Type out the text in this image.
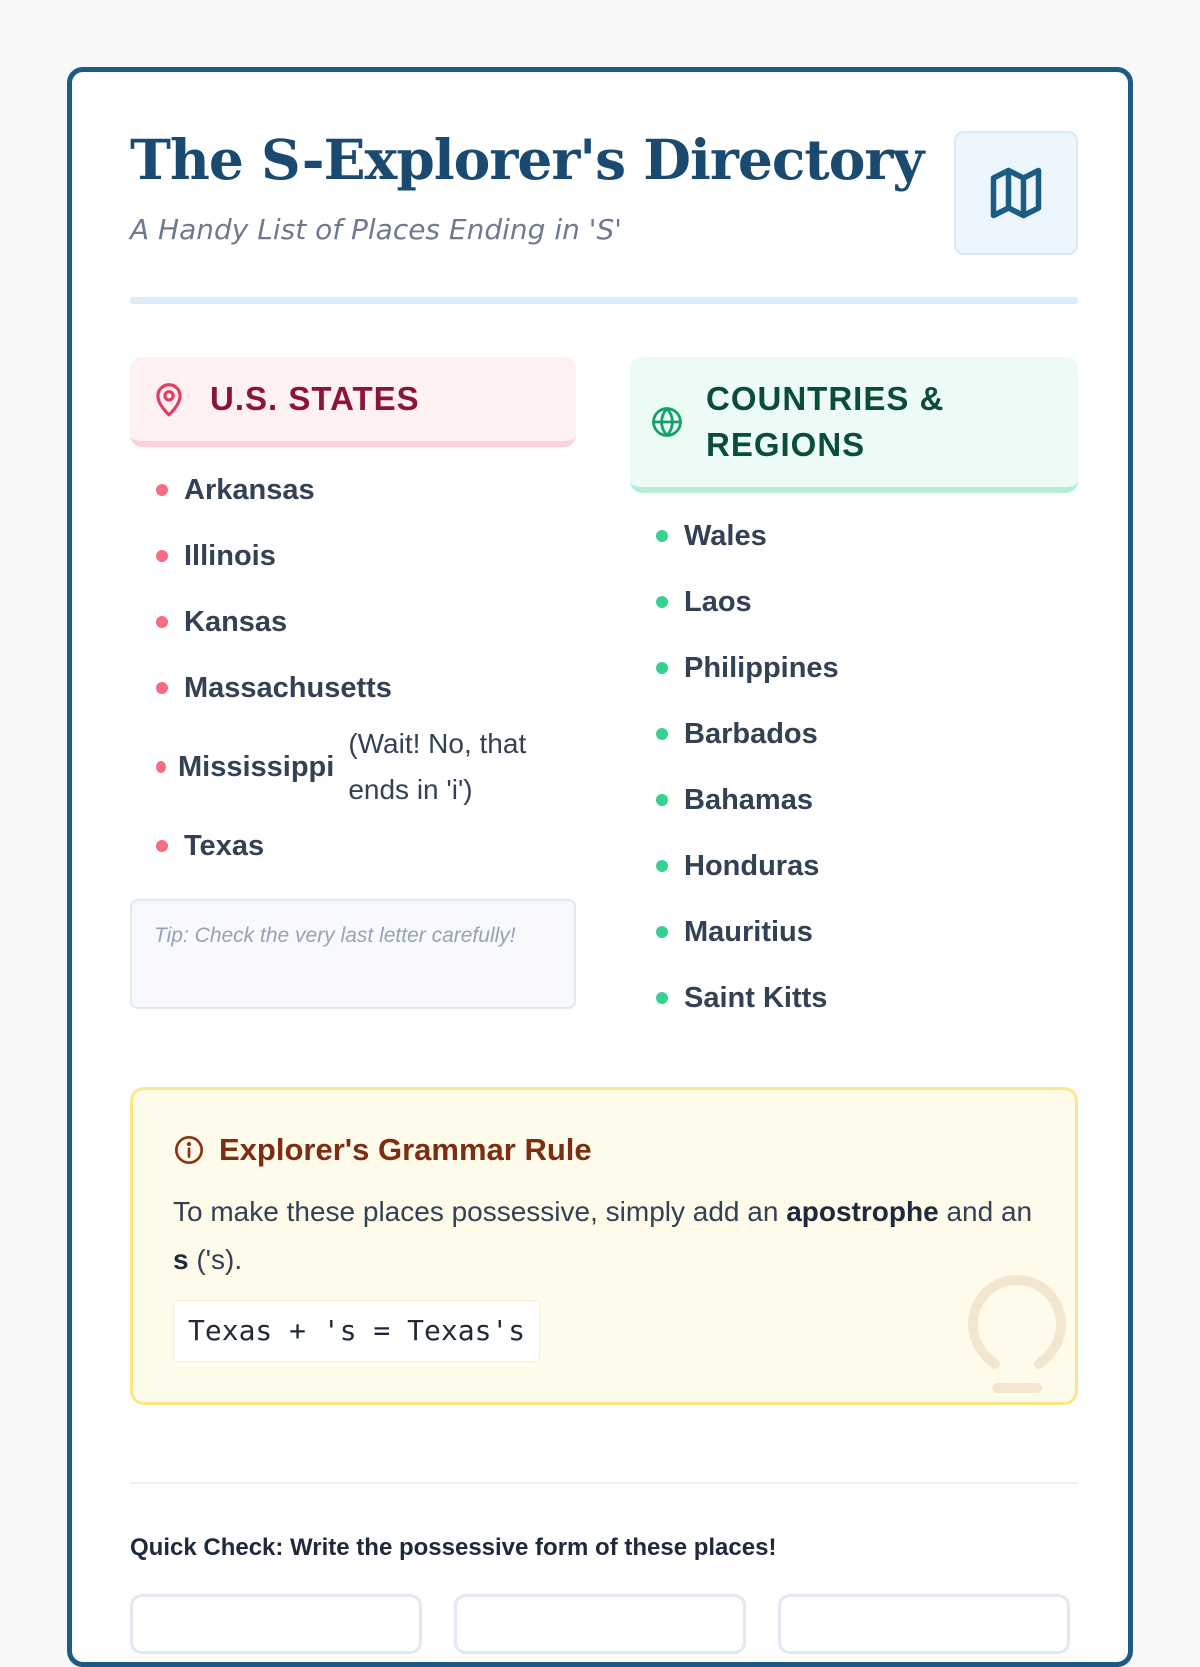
The S-Explorer's Directory
A Handy List of Places Ending in 'S'
U.S. STATES
Arkansas
Illinois
Kansas
Massachusetts
Mississippi
(Wait! No, that ends in 'i')
Texas
Tip: Check the very last letter carefully!
COUNTRIES & REGIONS
Wales
Laos
Philippines
Barbados
Bahamas
Honduras
Mauritius
Saint Kitts
Explorer's Grammar Rule

To make these places possessive, simply add an apostrophe and an s ('s).

Texas + 's = Texas's
Quick Check: Write the possessive form of these places!
